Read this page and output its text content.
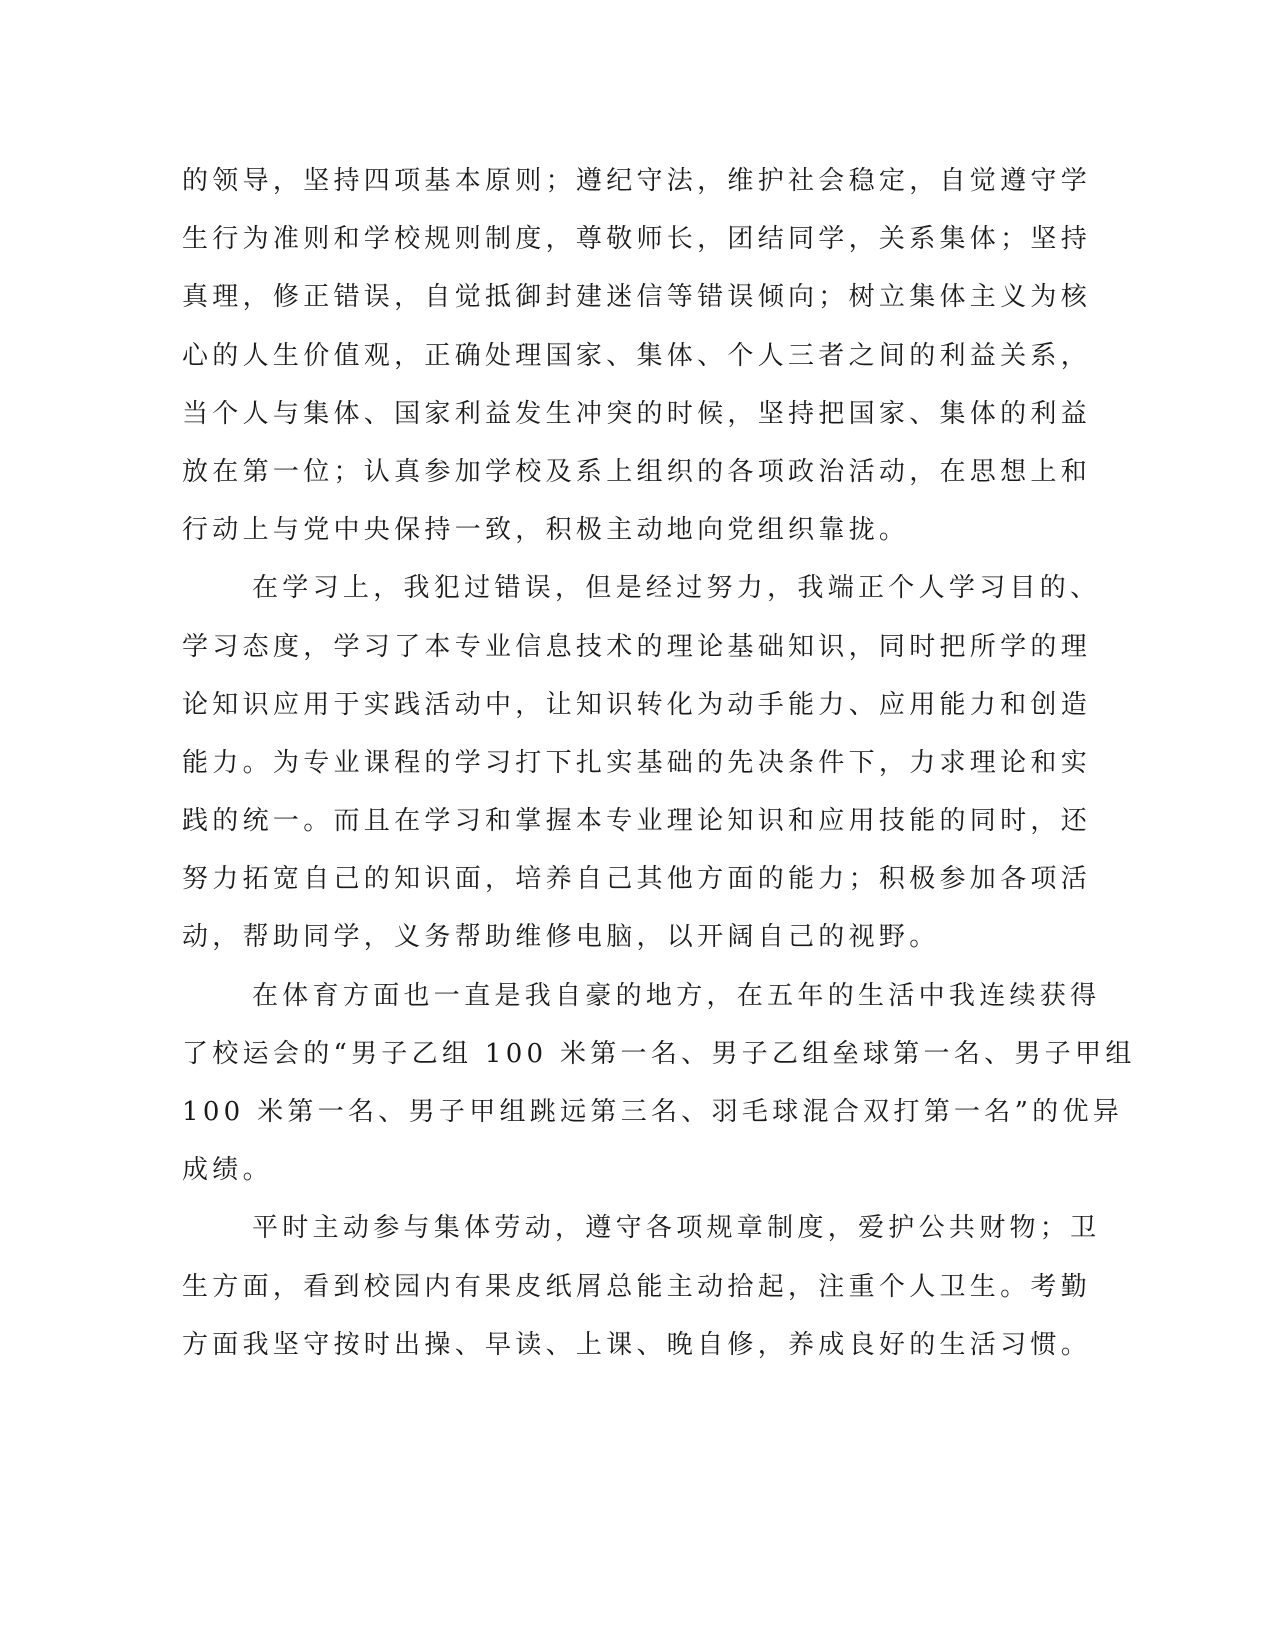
的领导，坚持四项基本原则；遵纪守法，维护社会稳定，自觉遵守学
生行为准则和学校规则制度，尊敬师长，团结同学，关系集体；坚持
真理，修正错误，自觉抵御封建迷信等错误倾向；树立集体主义为核
心的人生价值观，正确处理国家、集体、个人三者之间的利益关系，
当个人与集体、国家利益发生冲突的时候，坚持把国家、集体的利益
放在第一位；认真参加学校及系上组织的各项政治活动，在思想上和
行动上与党中央保持一致，积极主动地向党组织靠拢。
在学习上，我犯过错误，但是经过努力，我端正个人学习目的、
学习态度，学习了本专业信息技术的理论基础知识，同时把所学的理
论知识应用于实践活动中，让知识转化为动手能力、应用能力和创造
能力。为专业课程的学习打下扎实基础的先决条件下，力求理论和实
践的统一。而且在学习和掌握本专业理论知识和应用技能的同时，还
努力拓宽自己的知识面，培养自己其他方面的能力；积极参加各项活
动，帮助同学，义务帮助维修电脑，以开阔自己的视野。
在体育方面也一直是我自豪的地方，在五年的生活中我连续获得
了校运会的“男子乙组 100 米第一名、男子乙组垒球第一名、男子甲组
100 米第一名、男子甲组跳远第三名、羽毛球混合双打第一名”的优异
成绩。
平时主动参与集体劳动，遵守各项规章制度，爱护公共财物；卫
生方面，看到校园内有果皮纸屑总能主动拾起，注重个人卫生。考勤
方面我坚守按时出操、早读、上课、晚自修，养成良好的生活习惯。
